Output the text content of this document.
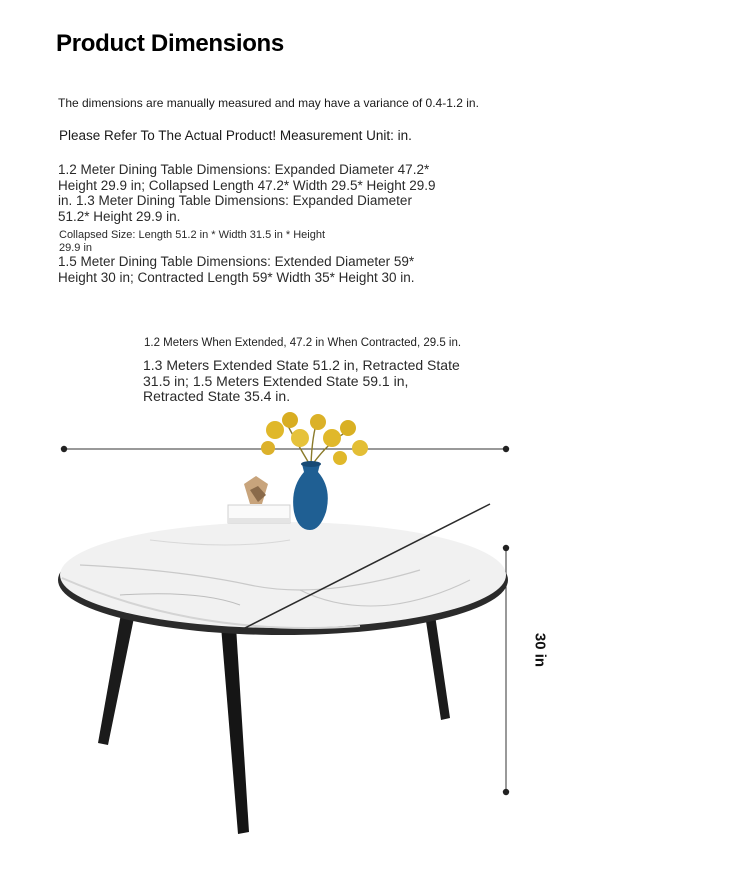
Product Dimensions

The dimensions are manually measured and may have a variance of 0.4-1.2 in.

Please Refer To The Actual Product! Measurement Unit: in.

1.2 Meter Dining Table Dimensions: Expanded Diameter 47.2* Height 29.9 in; Collapsed Length 47.2* Width 29.5* Height 29.9 in. 1.3 Meter Dining Table Dimensions: Expanded Diameter 51.2* Height 29.9 in.

Collapsed Size: Length 51.2 in * Width 31.5 in * Height 29.9 in

1.5 Meter Dining Table Dimensions: Extended Diameter 59* Height 30 in; Contracted Length 59* Width 35* Height 30 in.

1.2 Meters When Extended, 47.2 in When Contracted, 29.5 in.

1.3 Meters Extended State 51.2 in, Retracted State 31.5 in; 1.5 Meters Extended State 59.1 in, Retracted State 35.4 in.

30 in
